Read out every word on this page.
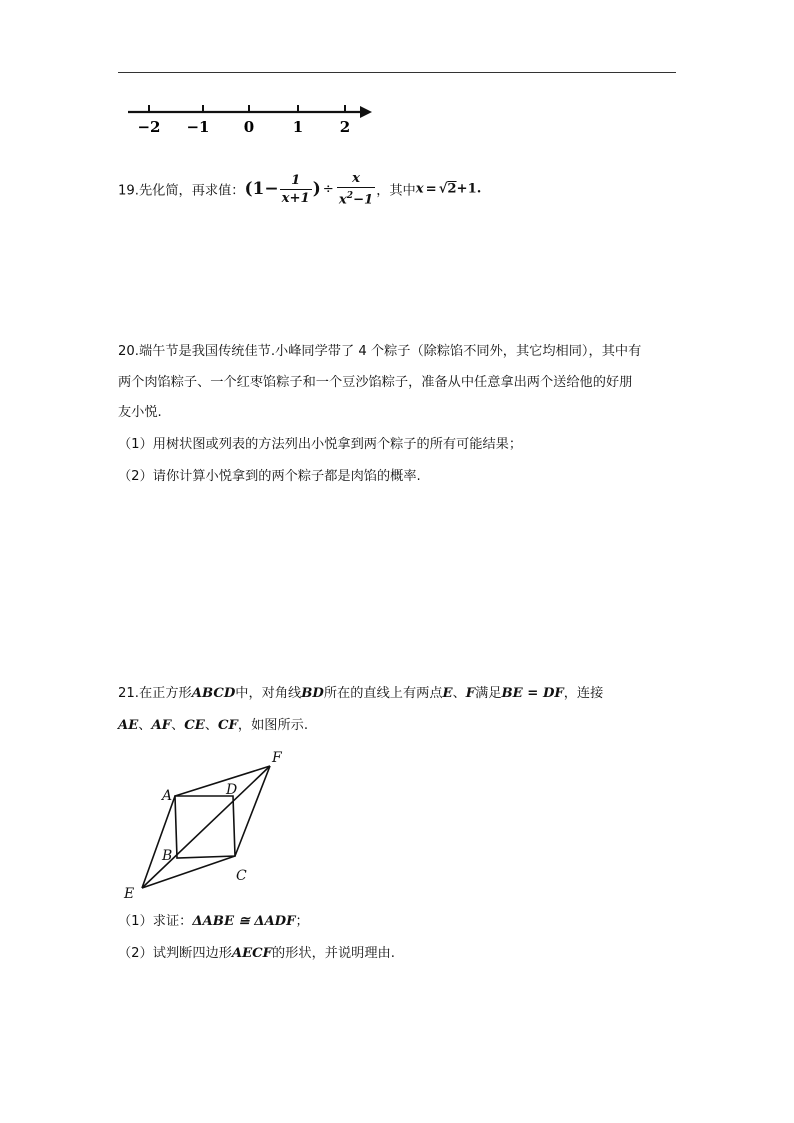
−2 −1 0	1 2
19.先化简，再求值：($1- \frac{1}{x+1}$ ) ÷ $\frac{x}{x^2-1}$ ，其中x = √2+1.
20.端午节是我国传统佳节.小峰同学带了 4 个粽子（除粽馅不同外，其它均相同），其中有
两个肉馅粽子、一个红枣馅粽子和一个豆沙馅粽子，准备从中任意拿出两个送给他的好朋
友小悦.
（1）用树状图或列表的方法列出小悦拿到两个粽子的所有可能结果；
（2）请你计算小悦拿到的两个粽子都是肉馅的概率.
21.在正方形ABCD中，对角线BD所在的直线上有两点E、F满足BE = DF，连接
AE、AF、CE、CF，如图所示.
A	D
B
C
E
F
（1）求证：ΔABE ≅ ΔADF；
（2）试判断四边形AECF的形状，并说明理由.
